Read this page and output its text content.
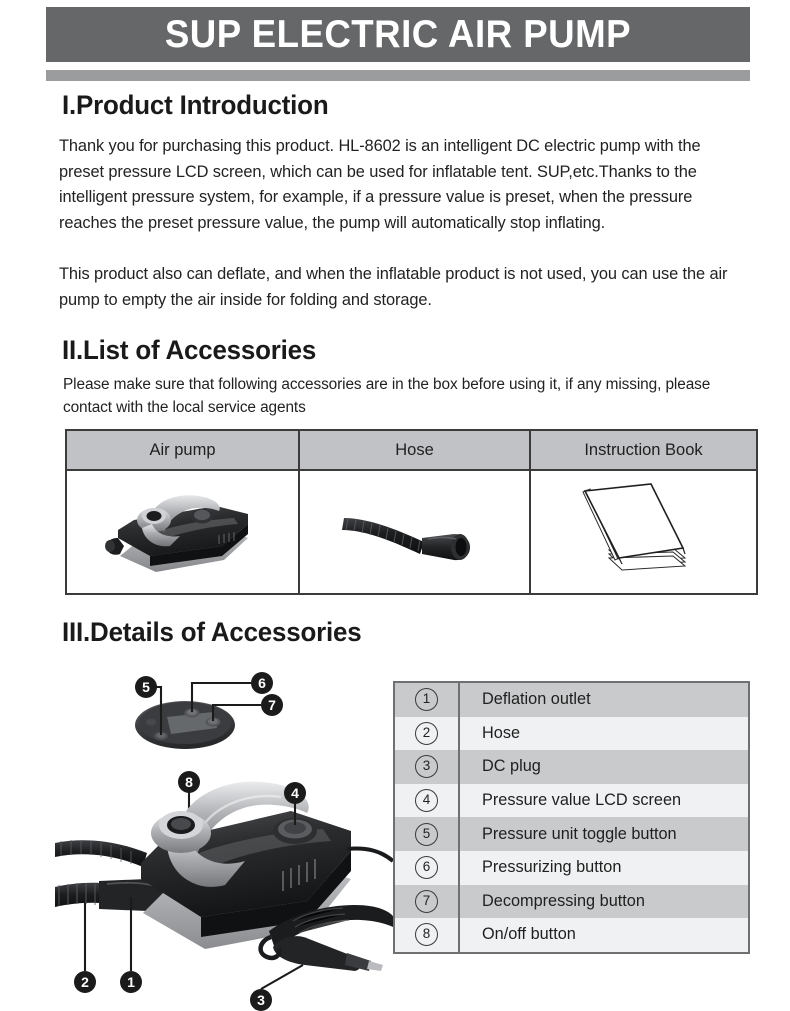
SUP ELECTRIC AIR PUMP
I.Product Introduction
Thank you for purchasing this product. HL-8602 is an intelligent DC electric pump with the preset pressure LCD screen, which can be used for inflatable tent. SUP,etc.Thanks to the intelligent pressure system, for example, if a pressure value is preset, when the pressure reaches the preset pressure value, the pump will automatically stop inflating.
This product also can deflate, and when the inflatable product is not used, you can use the air pump to empty the air inside for folding and storage.
II.List of Accessories
Please make sure that following accessories are in the box before using it, if any missing, please contact with the local service agents
Air pump	Hose	Instruction Book

III.Details of Accessories
5	6
7
8
4
2	1
3
1	Deflation outlet
2	Hose
3	DC plug
4	Pressure value LCD screen
5	Pressure unit toggle button
6	Pressurizing button
7	Decompressing button
8	On/off button
